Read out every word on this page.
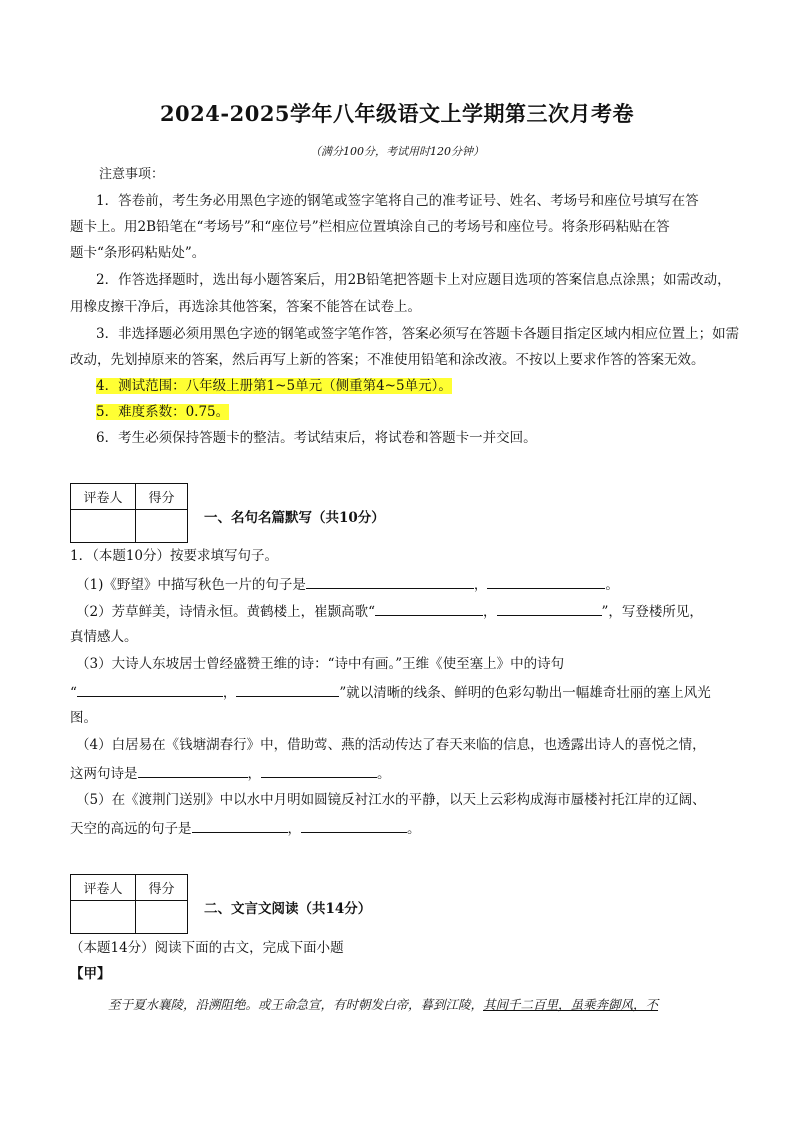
2024-2025学年八年级语文上学期第三次月考卷
（满分100分，考试用时120分钟）
注意事项：
1．答卷前，考生务必用黑色字迹的钢笔或签字笔将自己的准考证号、姓名、考场号和座位号填写在答
题卡上。用2B铅笔在“考场号”和“座位号”栏相应位置填涂自己的考场号和座位号。将条形码粘贴在答
题卡“条形码粘贴处”。
2．作答选择题时，选出每小题答案后，用2B铅笔把答题卡上对应题目选项的答案信息点涂黑；如需改动，
用橡皮擦干净后，再选涂其他答案，答案不能答在试卷上。
3．非选择题必须用黑色字迹的钢笔或签字笔作答，答案必须写在答题卡各题目指定区域内相应位置上；如需
改动，先划掉原来的答案，然后再写上新的答案；不准使用铅笔和涂改液。不按以上要求作答的答案无效。
4．测试范围：八年级上册第1~5单元（侧重第4~5单元）。
5．难度系数：0.75。
6．考生必须保持答题卡的整洁。考试结束后，将试卷和答题卡一并交回。
评卷人	得分

一、名句名篇默写（共10分）
1．（本题10分）按要求填写句子。
（1)《野望》中描写秋色一片的句子是	，	。
（2）芳草鲜美，诗情永恒。黄鹤楼上，崔颢高歌“	，	”，写登楼所见，
真情感人。
（3）大诗人东坡居士曾经盛赞王维的诗：“诗中有画。”王维《使至塞上》中的诗句
“	，	”就以清晰的线条、鲜明的色彩勾勒出一幅雄奇壮丽的塞上风光
图。
（4）白居易在《钱塘湖春行》中，借助莺、燕的活动传达了春天来临的信息，也透露出诗人的喜悦之情，
这两句诗是	，	。
（5）在《渡荆门送别》中以水中月明如圆镜反衬江水的平静，以天上云彩构成海市蜃楼衬托江岸的辽阔、
天空的高远的句子是	，	。
评卷人	得分

二、文言文阅读（共14分）
（本题14分）阅读下面的古文，完成下面小题
【甲】
至于夏水襄陵，沿溯阻绝。或王命急宣，有时朝发白帝，暮到江陵，其间千二百里，虽乘奔御风，不
